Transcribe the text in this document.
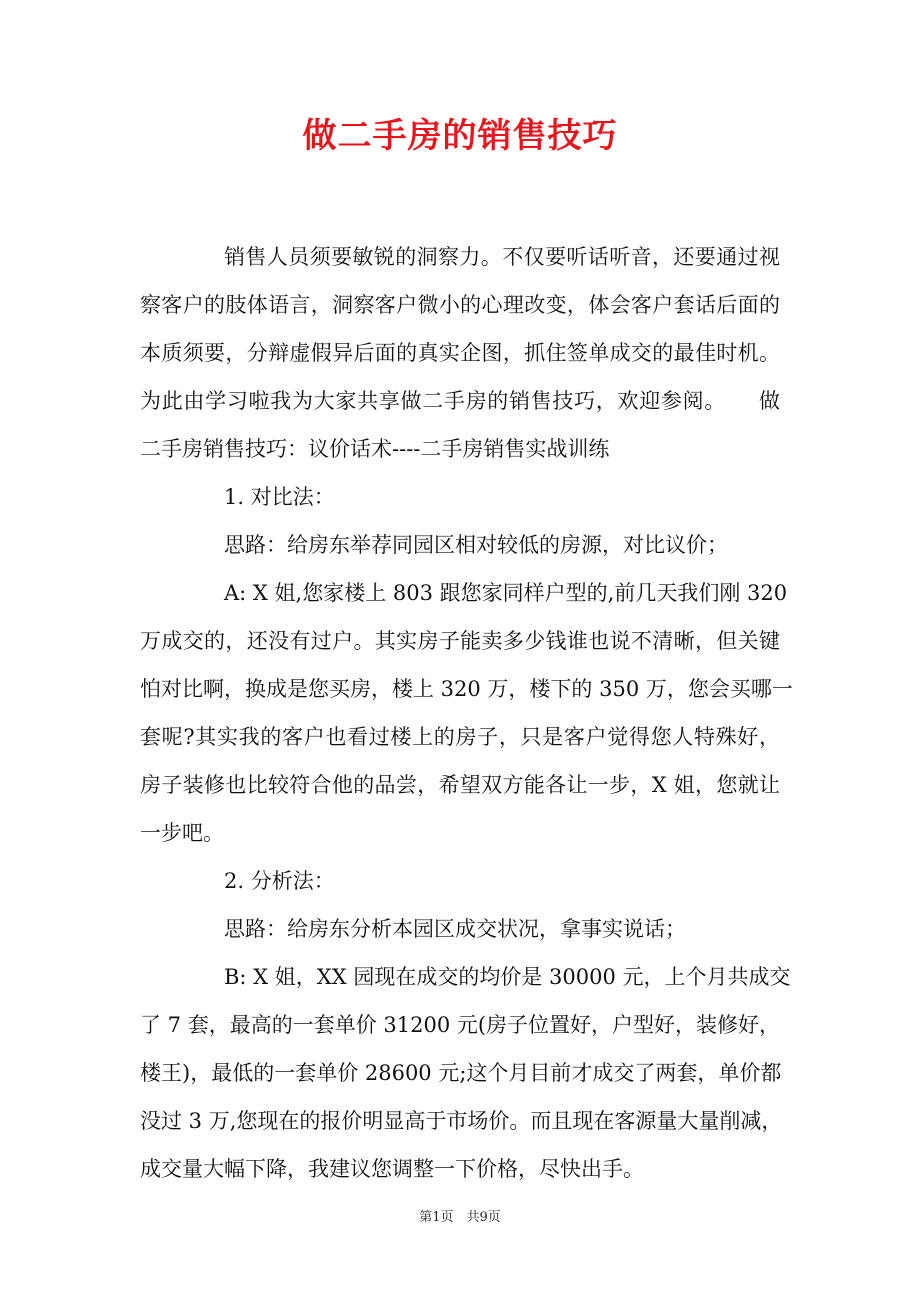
做二手房的销售技巧
销售人员须要敏锐的洞察力。不仅要听话听音，还要通过视
察客户的肢体语言，洞察客户微小的心理改变，体会客户套话后面的
本质须要，分辩虚假异后面的真实企图，抓住签单成交的最佳时机。
为此由学习啦我为大家共享做二手房的销售技巧，欢迎参阅。　　做
二手房销售技巧：议价话术----二手房销售实战训练
1. 对比法：
思路：给房东举荐同园区相对较低的房源，对比议价；
A: X 姐,您家楼上 803 跟您家同样户型的,前几天我们刚 320
万成交的，还没有过户。其实房子能卖多少钱谁也说不清晰，但关键
怕对比啊，换成是您买房，楼上 320 万，楼下的 350 万，您会买哪一
套呢?其实我的客户也看过楼上的房子，只是客户觉得您人特殊好，
房子装修也比较符合他的品尝，希望双方能各让一步，X 姐，您就让
一步吧。
2. 分析法：
思路：给房东分析本园区成交状况，拿事实说话；
B: X 姐，XX 园现在成交的均价是 30000 元，上个月共成交
了 7 套，最高的一套单价 31200 元(房子位置好，户型好，装修好，
楼王)，最低的一套单价 28600 元;这个月目前才成交了两套，单价都
没过 3 万,您现在的报价明显高于市场价。而且现在客源量大量削减，
成交量大幅下降，我建议您调整一下价格，尽快出手。
第1页　共9页
